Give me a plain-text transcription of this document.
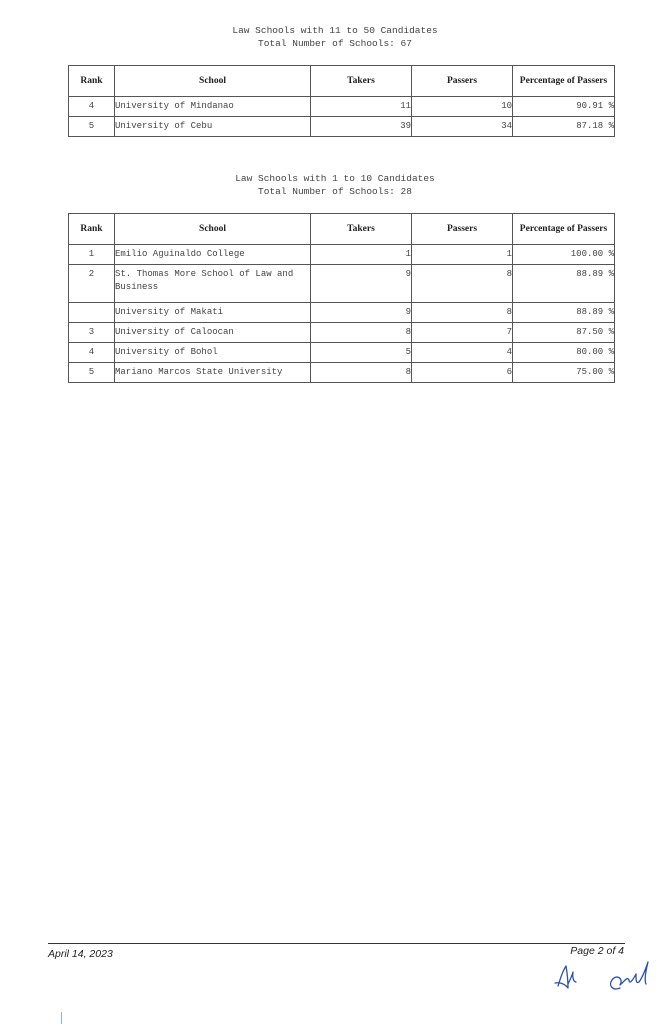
Law Schools with 11 to 50 Candidates
Total Number of Schools: 67
Rank	School	Takers	Passers	Percentage of Passers
4	University of Mindanao	11	10	90.91 %
5	University of Cebu	39	34	87.18 %
Law Schools with 1 to 10 Candidates
Total Number of Schools: 28
Rank	School	Takers	Passers	Percentage of Passers
1	Emilio Aguinaldo College	1	1	100.00 %
2	St. Thomas More School of Law and Business	9	8	88.89 %
	University of Makati	9	8	88.89 %
3	University of Caloocan	8	7	87.50 %
4	University of Bohol	5	4	80.00 %
5	Mariano Marcos State University	8	6	75.00 %
April 14, 2023	Page 2 of 4
